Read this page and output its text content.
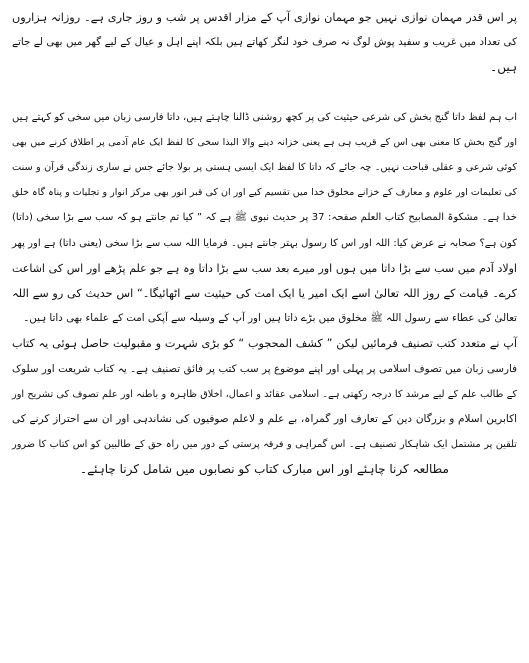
پر اس قدر مہمان نوازی نہیں جو مہمان نوازی آپ کے مزار اقدس پر شب و روز جاری ہے۔ روزانہ ہزاروں
کی تعداد میں غریب و سفید پوش لوگ نہ صرف خود لنگر کھاتے ہیں بلکہ اپنے اہل و عیال کے لیے گھر میں بھی لے جاتے
ہیں۔

اب ہم لفظ داتا گنج بخش کی شرعی حیثیت کی پر کچھ روشنی ڈالنا چاہتے ہیں، داتا فارسی زبان میں سخی کو کہتے ہیں
اور گنج بخش کا معنی بھی اس کے قریب ہی ہے یعنی خزانہ دینے والا البذا سخی کا لفظ ایک عام آدمی پر اطلاق کرنے میں بھی
کوئی شرعی و عقلی قباحت نہیں۔ چہ جائے کہ داتا کا لفظ ایک ایسی ہستی پر بولا جائے جس نے ساری زندگی قرآن و سنت
کی تعلیمات اور علوم و معارف کے خزانے مخلوق خدا میں تقسیم کیے اور ان کی قبر انور بھی مرکز انوار و تجلیات و پناہ گاہ خلق
خدا ہے۔ مشکوۃ المصابیح کتاب العلم صفحہ: 37 پر حدیث نبوی ﷺ ہے کہ ” کیا تم جانتے ہو کہ سب سے بڑا سخی (داتا)
کون ہے؟ صحابہ نے عرض کیا: اللہ اور اس کا رسول بہتر جانتے ہیں۔ فرمایا اللہ سب سے بڑا سخی (یعنی داتا) ہے اور پھر
اولاد آدم میں سب سے بڑا داتا میں ہوں اور میرے بعد سب سے بڑا داتا وہ ہے جو علم پڑھے اور اس کی اشاعت
کرے۔ قیامت کے روز اللہ تعالیٰ اسے ایک امیر یا ایک امت کی حیثیت سے اٹھائیگا۔“ اس حدیث کی رو سے اللہ
تعالیٰ کی عطاء سے رسول اللہ ﷺ مخلوق میں بڑے داتا ہیں اور آپ کے وسیلہ سے آپکی امت کے علماء بھی داتا ہیں۔

آپ نے متعدد کتب تصنیف فرمائیں لیکن ” کشف المحجوب “ کو بڑی شہرت و مقبولیت حاصل ہوئی یہ کتاب
فارسی زبان میں تصوف اسلامی پر پہلی اور اپنے موضوع پر سب کتب پر فائق تصنیف ہے۔ یہ کتاب شریعت اور سلوک
کے طالب علم کے لیے مرشد کا درجہ رکھتی ہے۔ اسلامی عقائد و اعمال، اخلاق ظاہرہ و باطنہ اور علم تصوف کی تشریح اور
اکابرین اسلام و بزرگان دین کے تعارف اور گمراہ، بے علم و لاعلم صوفیوں کی نشاندہی اور ان سے احتراز کرنے کی
تلقین پر مشتمل ایک شاہکار تصنیف ہے۔ اس گمراہی و فرقہ پرستی کے دور میں راہ حق کے طالبین کو اس کتاب کا ضرور
مطالعہ کرنا چاہئے اور اس مبارک کتاب کو نصابوں میں شامل کرنا چاہئے۔
